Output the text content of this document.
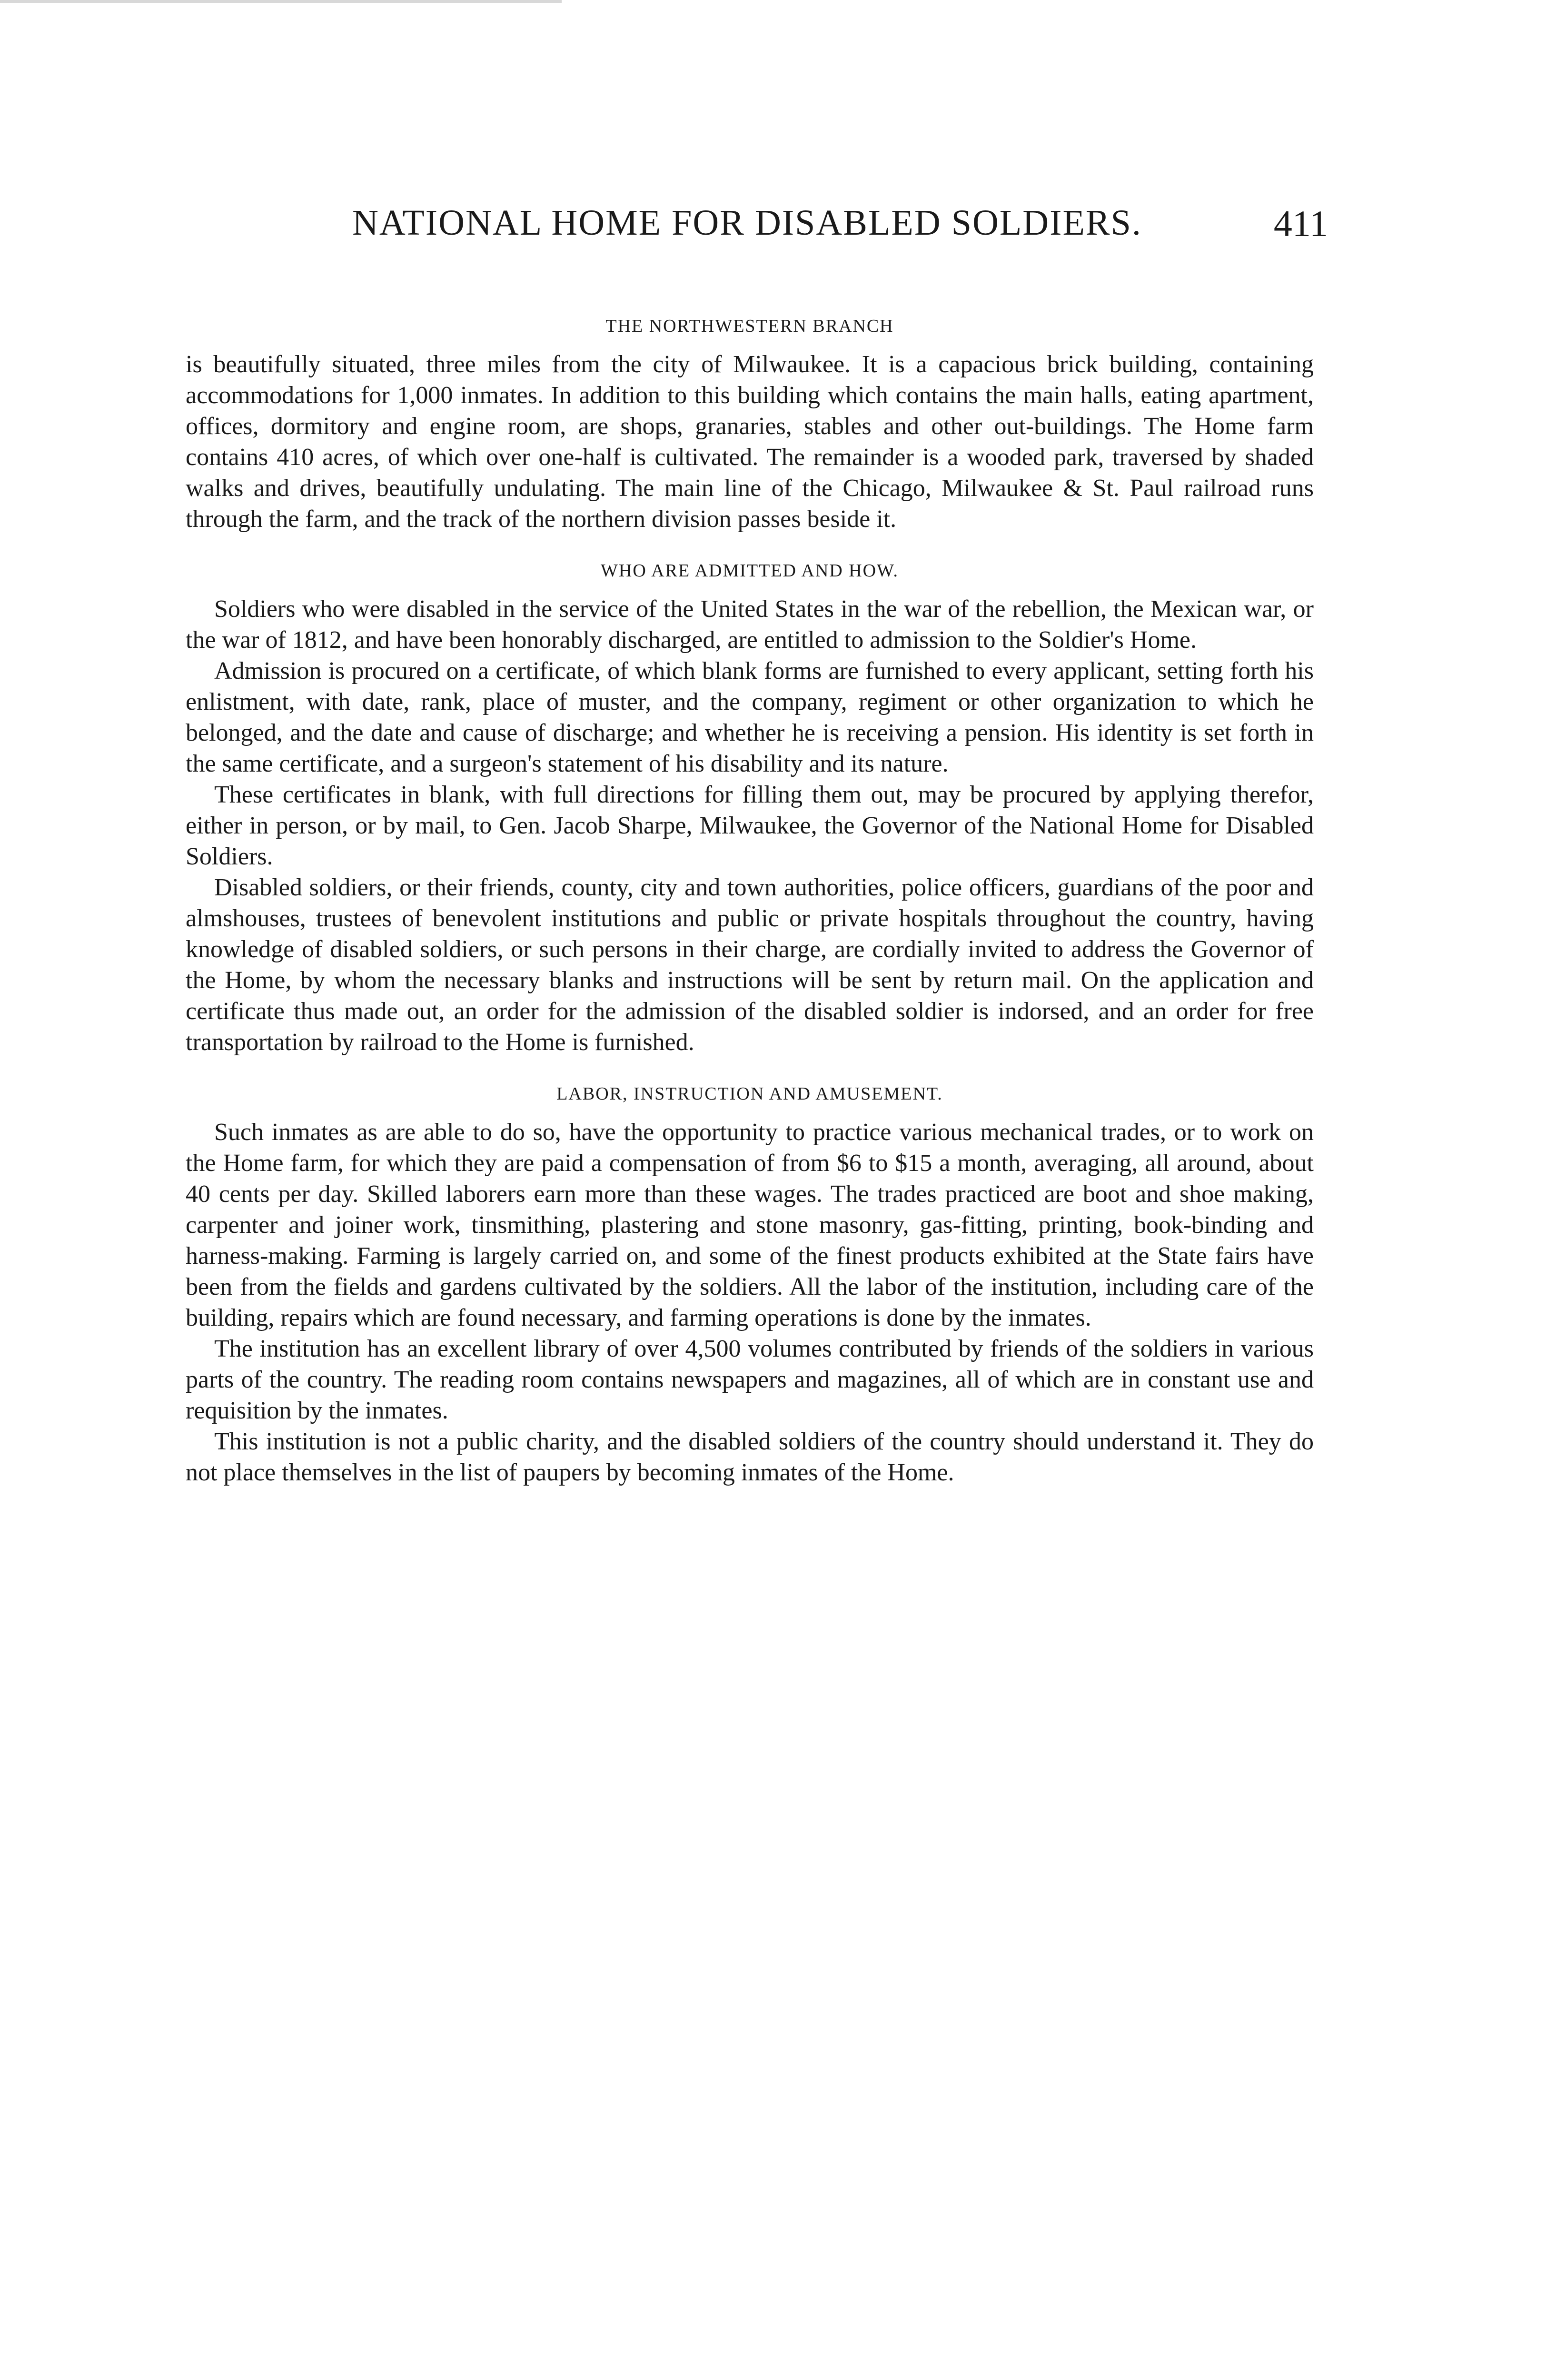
NATIONAL HOME FOR DISABLED SOLDIERS.	411
THE NORTHWESTERN BRANCH

is beautifully situated, three miles from the city of Milwaukee. It is a capacious brick building, containing accommodations for 1,000 inmates. In addition to this building which contains the main halls, eating apartment, offices, dormitory and engine room, are shops, granaries, stables and other out-buildings. The Home farm contains 410 acres, of which over one-half is cultivated. The remainder is a wooded park, traversed by shaded walks and drives, beautifully undulating. The main line of the Chicago, Milwaukee & St. Paul railroad runs through the farm, and the track of the northern division passes beside it.

WHO ARE ADMITTED AND HOW.

Soldiers who were disabled in the service of the United States in the war of the rebellion, the Mexican war, or the war of 1812, and have been honorably discharged, are entitled to admission to the Soldier's Home.

Admission is procured on a certificate, of which blank forms are furnished to every applicant, setting forth his enlistment, with date, rank, place of muster, and the company, regiment or other organization to which he belonged, and the date and cause of discharge; and whether he is receiving a pension. His identity is set forth in the same certificate, and a surgeon's statement of his disability and its nature.

These certificates in blank, with full directions for filling them out, may be procured by applying therefor, either in person, or by mail, to Gen. Jacob Sharpe, Milwaukee, the Governor of the National Home for Disabled Soldiers.

Disabled soldiers, or their friends, county, city and town authorities, police officers, guardians of the poor and almshouses, trustees of benevolent institutions and public or private hospitals throughout the country, having knowledge of disabled soldiers, or such persons in their charge, are cordially invited to address the Governor of the Home, by whom the necessary blanks and instructions will be sent by return mail. On the application and certificate thus made out, an order for the admission of the disabled soldier is indorsed, and an order for free transportation by railroad to the Home is furnished.

LABOR, INSTRUCTION AND AMUSEMENT.

Such inmates as are able to do so, have the opportunity to practice various mechanical trades, or to work on the Home farm, for which they are paid a compensation of from $6 to $15 a month, averaging, all around, about 40 cents per day. Skilled laborers earn more than these wages. The trades practiced are boot and shoe making, carpenter and joiner work, tinsmithing, plastering and stone masonry, gas-fitting, printing, book-binding and harness-making. Farming is largely carried on, and some of the finest products exhibited at the State fairs have been from the fields and gardens cultivated by the soldiers. All the labor of the institution, including care of the building, repairs which are found necessary, and farming operations is done by the inmates.

The institution has an excellent library of over 4,500 volumes contributed by friends of the soldiers in various parts of the country. The reading room contains newspapers and magazines, all of which are in constant use and requisition by the inmates.

This institution is not a public charity, and the disabled soldiers of the country should understand it. They do not place themselves in the list of paupers by becoming inmates of the Home.
